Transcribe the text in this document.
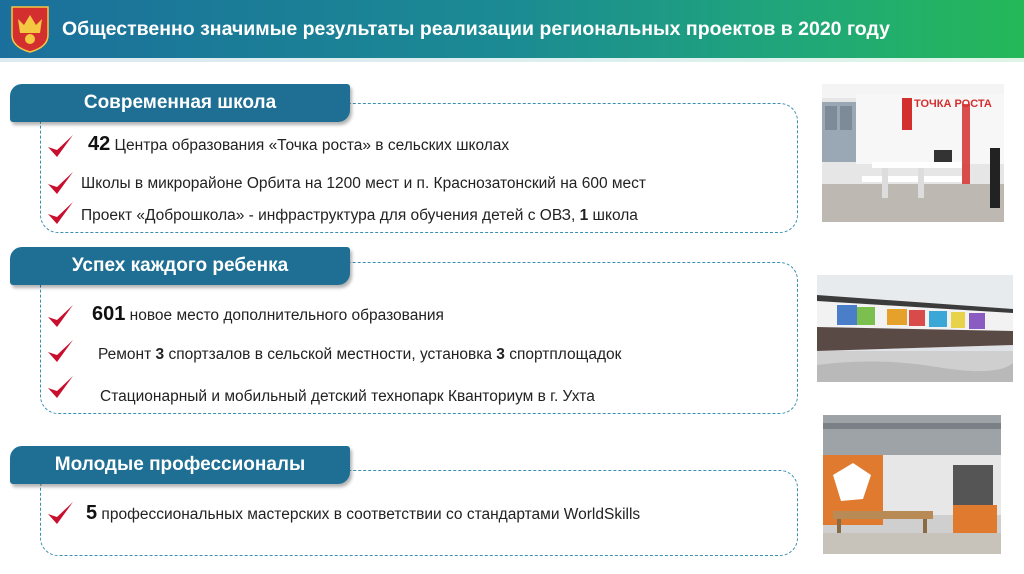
Общественно значимые результаты реализации региональных проектов в 2020 году
Современная школа
42 Центра образования «Точка роста» в сельских школах
Школы в микрорайоне Орбита на 1200 мест и п. Краснозатонский на 600 мест
Проект «Доброшкола» - инфраструктура для обучения детей с ОВЗ, 1 школа
Успех каждого ребенка
601 новое место дополнительного образования
Ремонт 3 спортзалов в сельской местности, установка 3 спортплощадок
Стационарный и мобильный детский технопарк Кванториум в г. Ухта
Молодые профессионалы
5 профессиональных мастерских в соответствии со стандартами WorldSkills
ТОЧКА РОСТА
